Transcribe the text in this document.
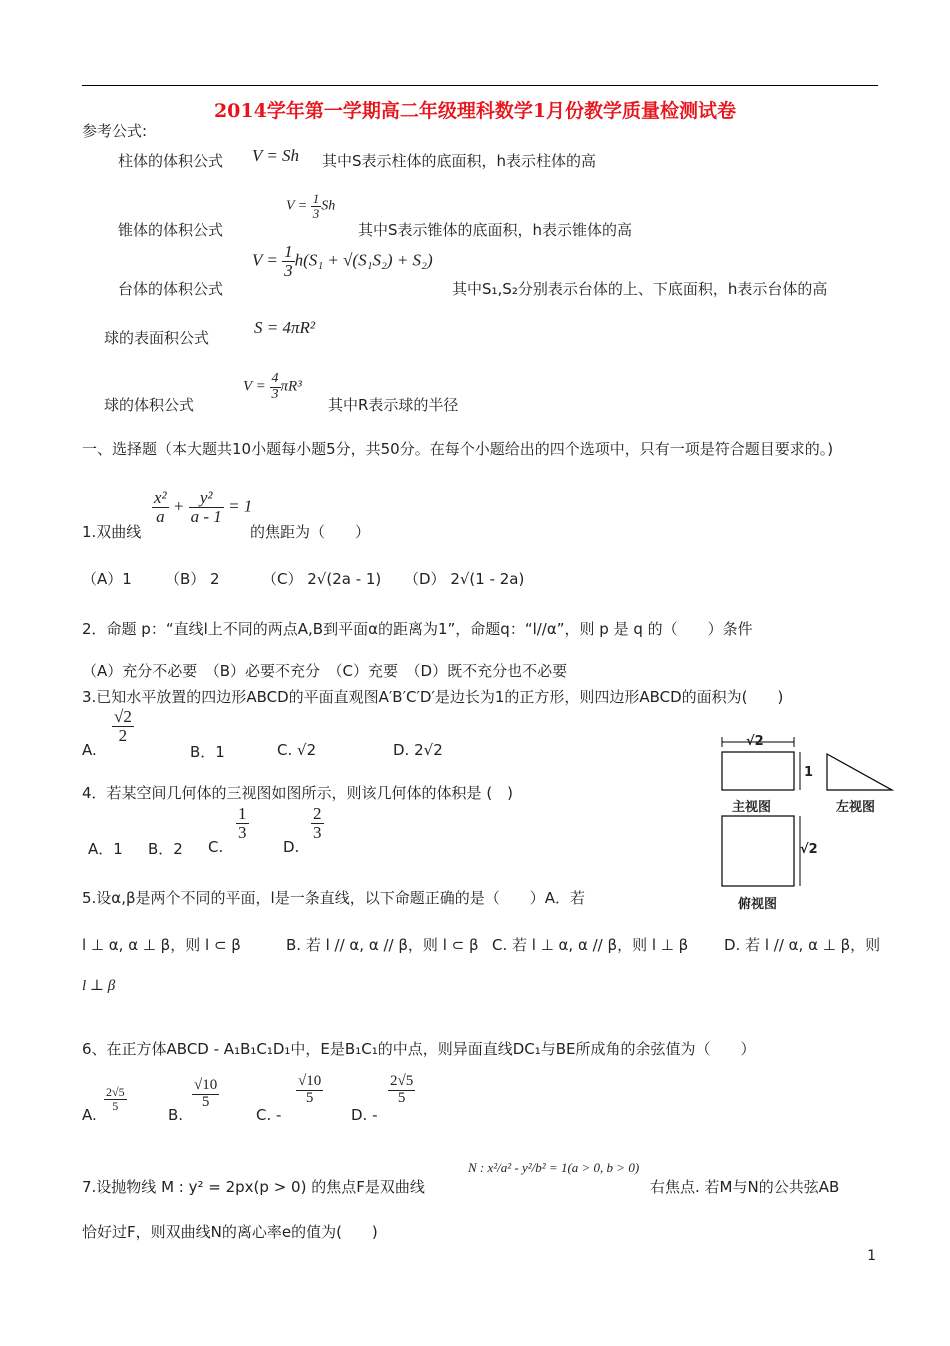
2014学年第一学期高二年级理科数学1月份教学质量检测试卷
参考公式:
柱体的体积公式 V = Sh 其中S表示柱体的底面积，h表示柱体的高
锥体的体积公式
$V = \frac{1}{3}$ Sh
其中S表示锥体的底面积，h表示锥体的高
台体的体积公式
$V = \frac{1}{3} h(S_1 + √(S_1S_2) + S_2)$
其中S₁,S₂分别表示台体的上、下底面积，h表示台体的高
球的表面积公式
S = 4πR²
球的体积公式
$V = \frac{4}{3} \pi R^3$
其中R表示球的半径
一、选择题（本大题共10小题每小题5分，共50分。在每个小题给出的四个选项中，只有一项是符合题目要求的。)
1.双曲线
$\frac{\text{x²}}{a} + \frac{\text{y²}}{a - 1} = 1$
的焦距为（　　）
（A）1 （B） 2	（C） 2√(2a - 1) （D） 2√(1 - 2a)
2．命题 p：“直线l上不同的两点A,B到平面α的距离为1”，命题q：“l//α”，则 p 是 q 的（　　）条件
（A）充分不必要　（B）必要不充分　（C）充要　（D）既不充分也不必要
3.已知水平放置的四边形ABCD的平面直观图A′B′C′D′是边长为1的正方形，则四边形ABCD的面积为(　　)
A.
$\frac{√2}{2}$
B．1	C. √2	D. 2√2
4．若某空间几何体的三视图如图所示，则该几何体的体积是 (　)
A．1 B．2 C.
$\frac{1}{3}$
D.
$\frac{2}{3}$
√2
1
主视图	左视图
√2
俯视图
5.设α,β是两个不同的平面，l是一条直线，以下命题正确的是（　　）A．若
l ⊥ α, α ⊥ β，则 l ⊂ β	B. 若 l // α, α // β，则 l ⊂ β C. 若 l ⊥ α, α // β，则 l ⊥ β D. 若 l // α, α ⊥ β，则
l ⊥ β
6、在正方体ABCD - A₁B₁C₁D₁中，E是B₁C₁的中点，则异面直线DC₁与BE所成角的余弦值为（　　）
A.
$\frac{2√5}{5}$
B.
$\frac{√10}{5}$
C. -
$\frac{√10}{5}$
D. -
$\frac{2√5}{5}$
7.设抛物线 M : y² = 2px(p > 0) 的焦点F是双曲线
N : x²/a² - y²/b² = 1(a > 0, b > 0)
右焦点. 若M与N的公共弦AB
恰好过F，则双曲线N的离心率e的值为(　　)
1
